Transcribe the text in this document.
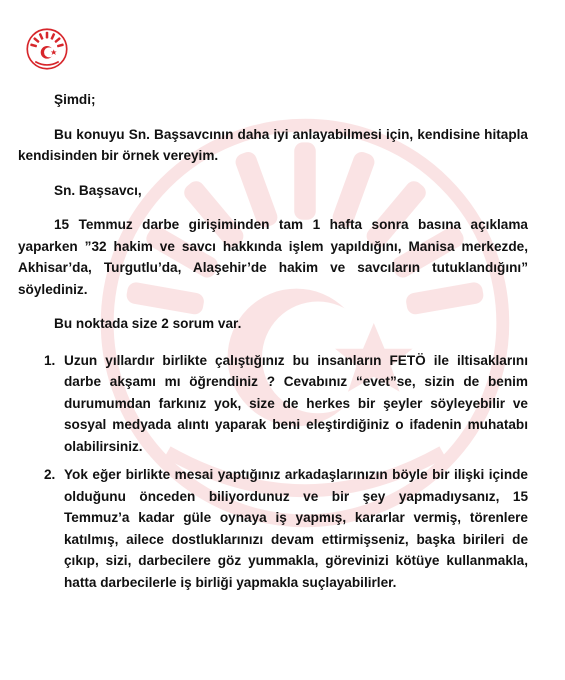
Şimdi;

Bu konuyu Sn. Başsavcının daha iyi anlayabilmesi için, kendisine hitapla kendisinden bir örnek vereyim.

Sn. Başsavcı,

15 Temmuz darbe girişiminden tam 1 hafta sonra basına açıklama yaparken ”32 hakim ve savcı hakkında işlem yapıldığını, Manisa merkezde, Akhisar’da, Turgutlu’da, Alaşehir’de hakim ve savcıların tutuklandığını” söylediniz.

Bu noktada size 2 sorum var.

1. Uzun yıllardır birlikte çalıştığınız bu insanların FETÖ ile iltisaklarını darbe akşamı mı öğrendiniz ? Cevabınız “evet”se, sizin de benim durumumdan farkınız yok, size de herkes bir şeyler söyleyebilir ve sosyal medyada alıntı yaparak beni eleştirdiğiniz o ifadenin muhatabı olabilirsiniz.
2. Yok eğer birlikte mesai yaptığınız arkadaşlarınızın böyle bir ilişki içinde olduğunu önceden biliyordunuz ve bir şey yapmadıysanız, 15 Temmuz’a kadar güle oynaya iş yapmış, kararlar vermiş, törenlere katılmış, ailece dostluklarınızı devam ettirmişseniz, başka birileri de çıkıp, sizi, darbecilere göz yummakla, görevinizi kötüye kullanmakla, hatta darbecilerle iş birliği yapmakla suçlayabilirler.
